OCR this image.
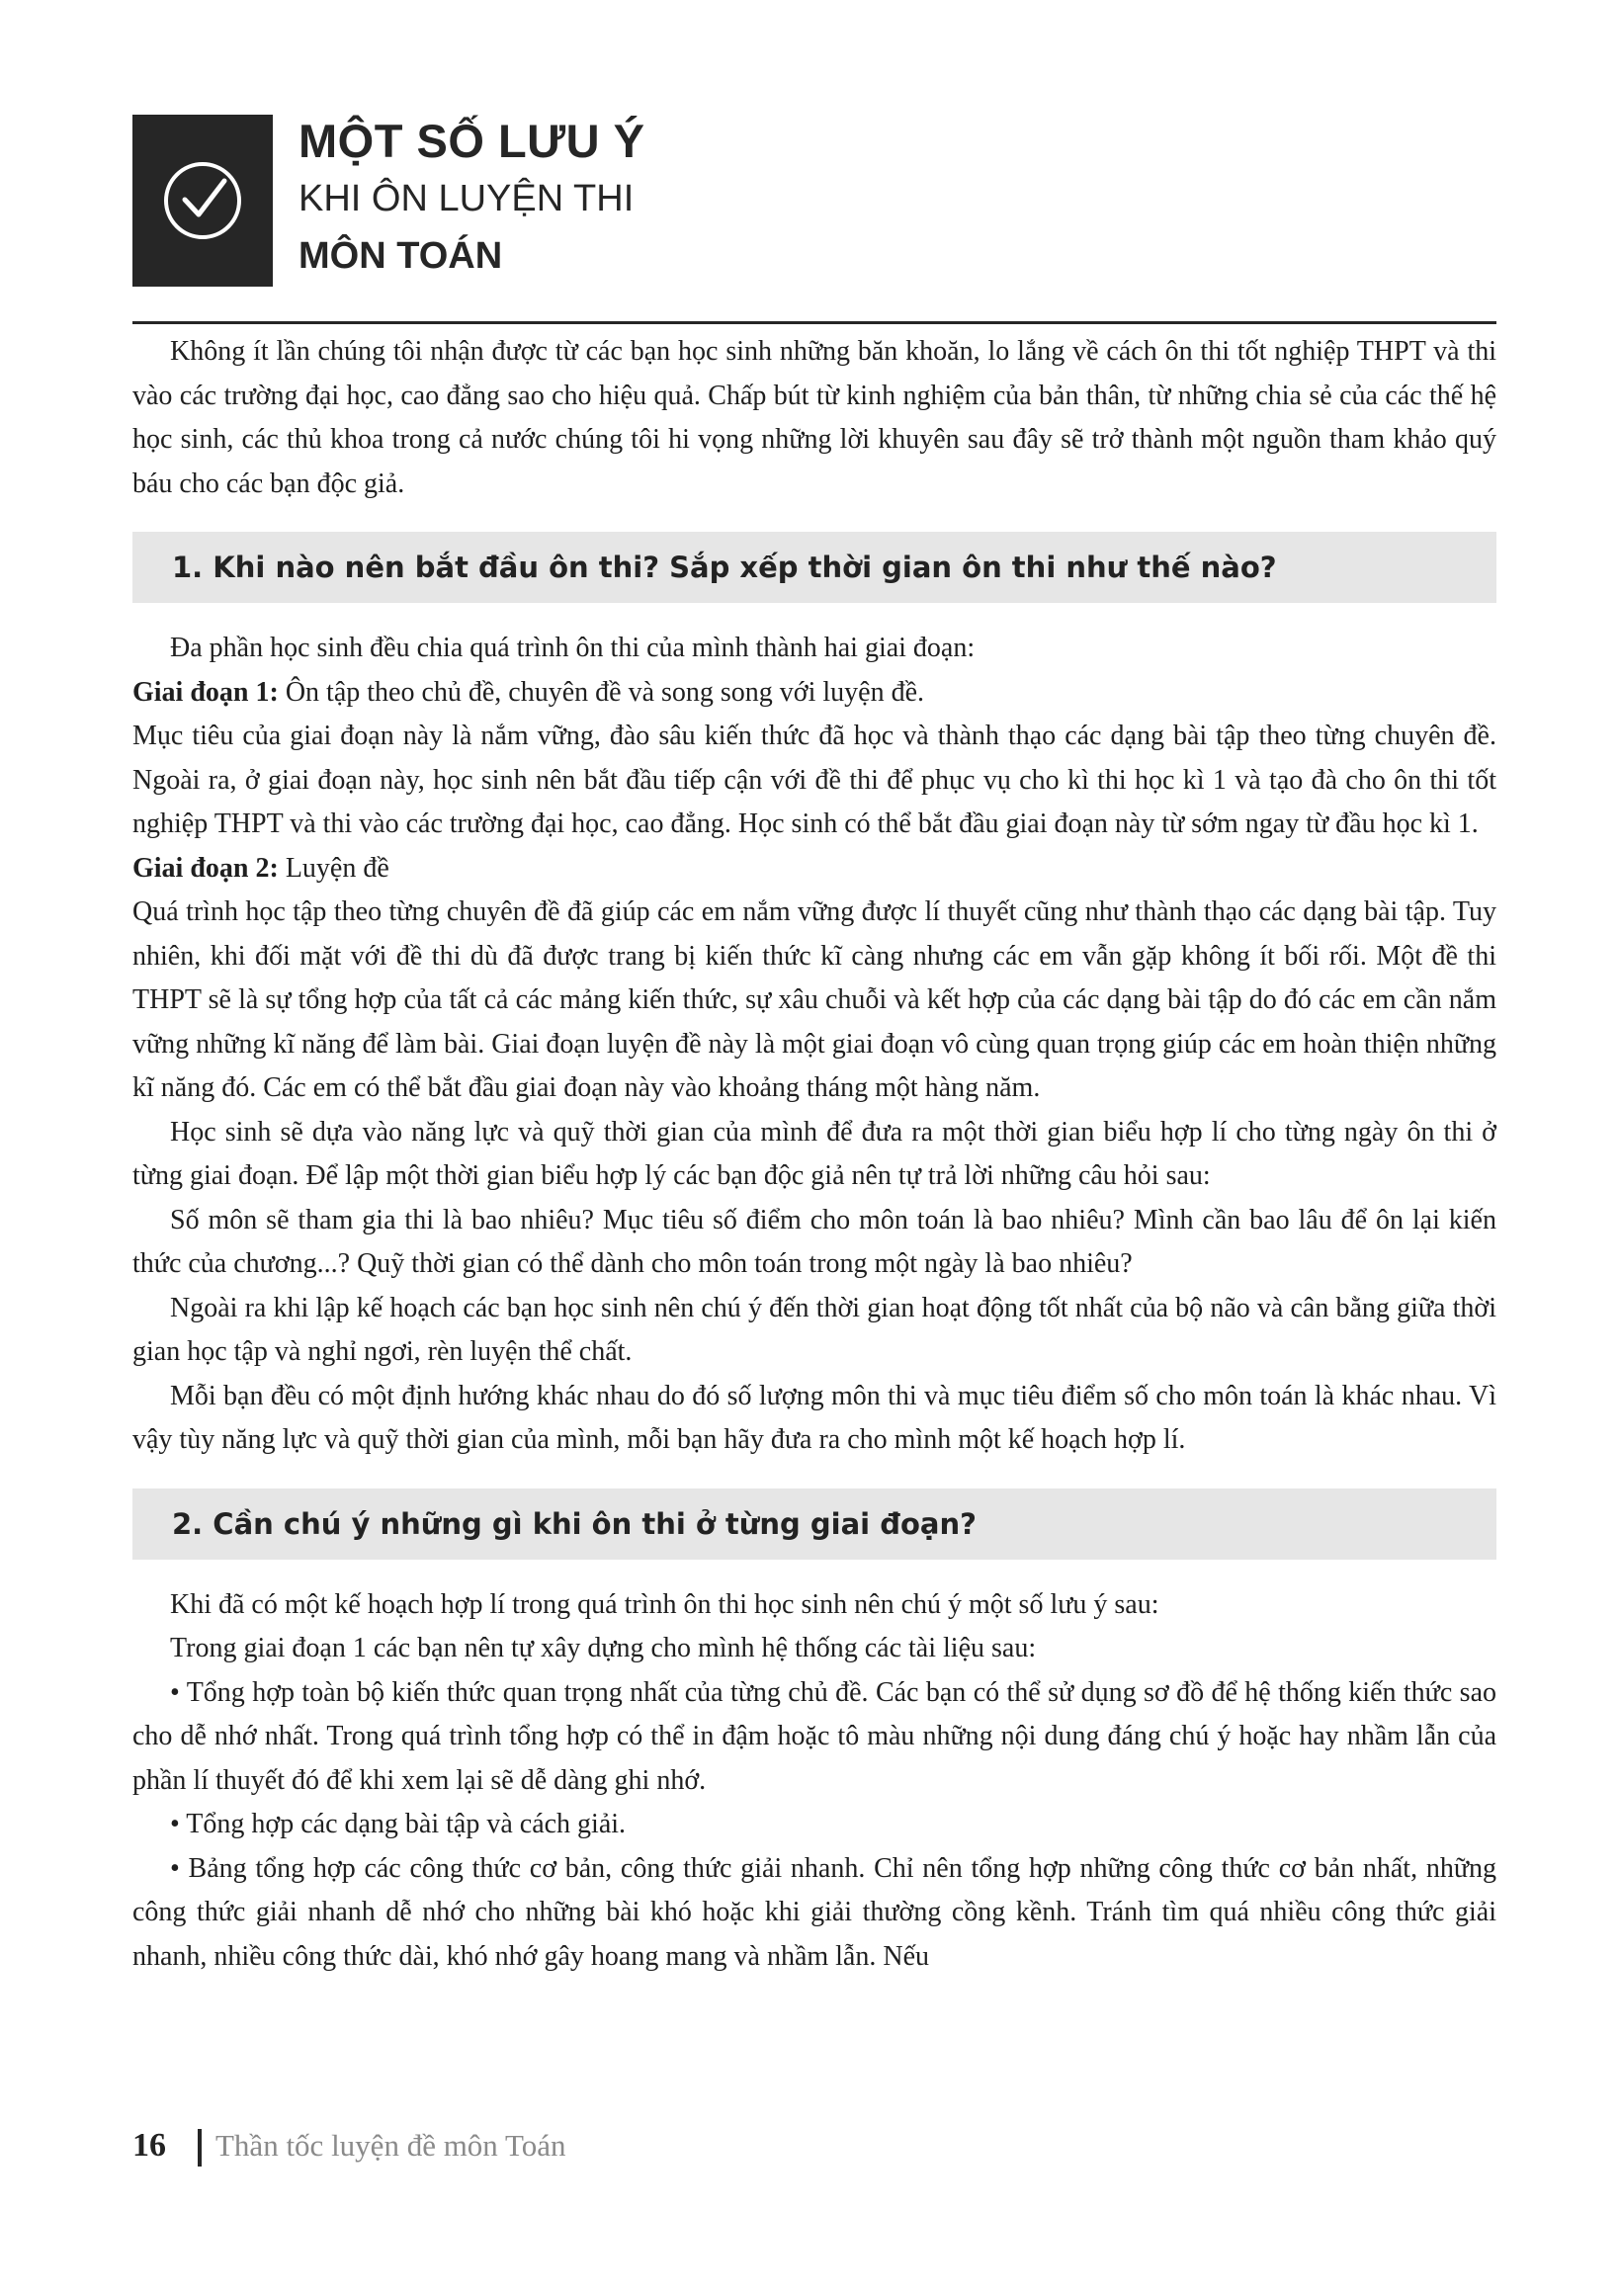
MỘT SỐ LƯU Ý
KHI ÔN LUYỆN THI
MÔN TOÁN

Không ít lần chúng tôi nhận được từ các bạn học sinh những băn khoăn, lo lắng về cách ôn thi tốt nghiệp THPT và thi vào các trường đại học, cao đẳng sao cho hiệu quả. Chấp bút từ kinh nghiệm của bản thân, từ những chia sẻ của các thế hệ học sinh, các thủ khoa trong cả nước chúng tôi hi vọng những lời khuyên sau đây sẽ trở thành một nguồn tham khảo quý báu cho các bạn độc giả.

1. Khi nào nên bắt đầu ôn thi? Sắp xếp thời gian ôn thi như thế nào?

Đa phần học sinh đều chia quá trình ôn thi của mình thành hai giai đoạn:

Giai đoạn 1: Ôn tập theo chủ đề, chuyên đề và song song với luyện đề.

Mục tiêu của giai đoạn này là nắm vững, đào sâu kiến thức đã học và thành thạo các dạng bài tập theo từng chuyên đề. Ngoài ra, ở giai đoạn này, học sinh nên bắt đầu tiếp cận với đề thi để phục vụ cho kì thi học kì 1 và tạo đà cho ôn thi tốt nghiệp THPT và thi vào các trường đại học, cao đẳng. Học sinh có thể bắt đầu giai đoạn này từ sớm ngay từ đầu học kì 1.

Giai đoạn 2: Luyện đề

Quá trình học tập theo từng chuyên đề đã giúp các em nắm vững được lí thuyết cũng như thành thạo các dạng bài tập. Tuy nhiên, khi đối mặt với đề thi dù đã được trang bị kiến thức kĩ càng nhưng các em vẫn gặp không ít bối rối. Một đề thi THPT sẽ là sự tổng hợp của tất cả các mảng kiến thức, sự xâu chuỗi và kết hợp của các dạng bài tập do đó các em cần nắm vững những kĩ năng để làm bài. Giai đoạn luyện đề này là một giai đoạn vô cùng quan trọng giúp các em hoàn thiện những kĩ năng đó. Các em có thể bắt đầu giai đoạn này vào khoảng tháng một hàng năm.

Học sinh sẽ dựa vào năng lực và quỹ thời gian của mình để đưa ra một thời gian biểu hợp lí cho từng ngày ôn thi ở từng giai đoạn. Để lập một thời gian biểu hợp lý các bạn độc giả nên tự trả lời những câu hỏi sau:

Số môn sẽ tham gia thi là bao nhiêu? Mục tiêu số điểm cho môn toán là bao nhiêu? Mình cần bao lâu để ôn lại kiến thức của chương...? Quỹ thời gian có thể dành cho môn toán trong một ngày là bao nhiêu?

Ngoài ra khi lập kế hoạch các bạn học sinh nên chú ý đến thời gian hoạt động tốt nhất của bộ não và cân bằng giữa thời gian học tập và nghỉ ngơi, rèn luyện thể chất.

Mỗi bạn đều có một định hướng khác nhau do đó số lượng môn thi và mục tiêu điểm số cho môn toán là khác nhau. Vì vậy tùy năng lực và quỹ thời gian của mình, mỗi bạn hãy đưa ra cho mình một kế hoạch hợp lí.

2. Cần chú ý những gì khi ôn thi ở từng giai đoạn?

Khi đã có một kế hoạch hợp lí trong quá trình ôn thi học sinh nên chú ý một số lưu ý sau:

Trong giai đoạn 1 các bạn nên tự xây dựng cho mình hệ thống các tài liệu sau:

• Tổng hợp toàn bộ kiến thức quan trọng nhất của từng chủ đề. Các bạn có thể sử dụng sơ đồ để hệ thống kiến thức sao cho dễ nhớ nhất. Trong quá trình tổng hợp có thể in đậm hoặc tô màu những nội dung đáng chú ý hoặc hay nhầm lẫn của phần lí thuyết đó để khi xem lại sẽ dễ dàng ghi nhớ.

• Tổng hợp các dạng bài tập và cách giải.

• Bảng tổng hợp các công thức cơ bản, công thức giải nhanh. Chỉ nên tổng hợp những công thức cơ bản nhất, những công thức giải nhanh dễ nhớ cho những bài khó hoặc khi giải thường cồng kềnh. Tránh tìm quá nhiều công thức giải nhanh, nhiều công thức dài, khó nhớ gây hoang mang và nhầm lẫn. Nếu

16 Thần tốc luyện đề môn Toán
